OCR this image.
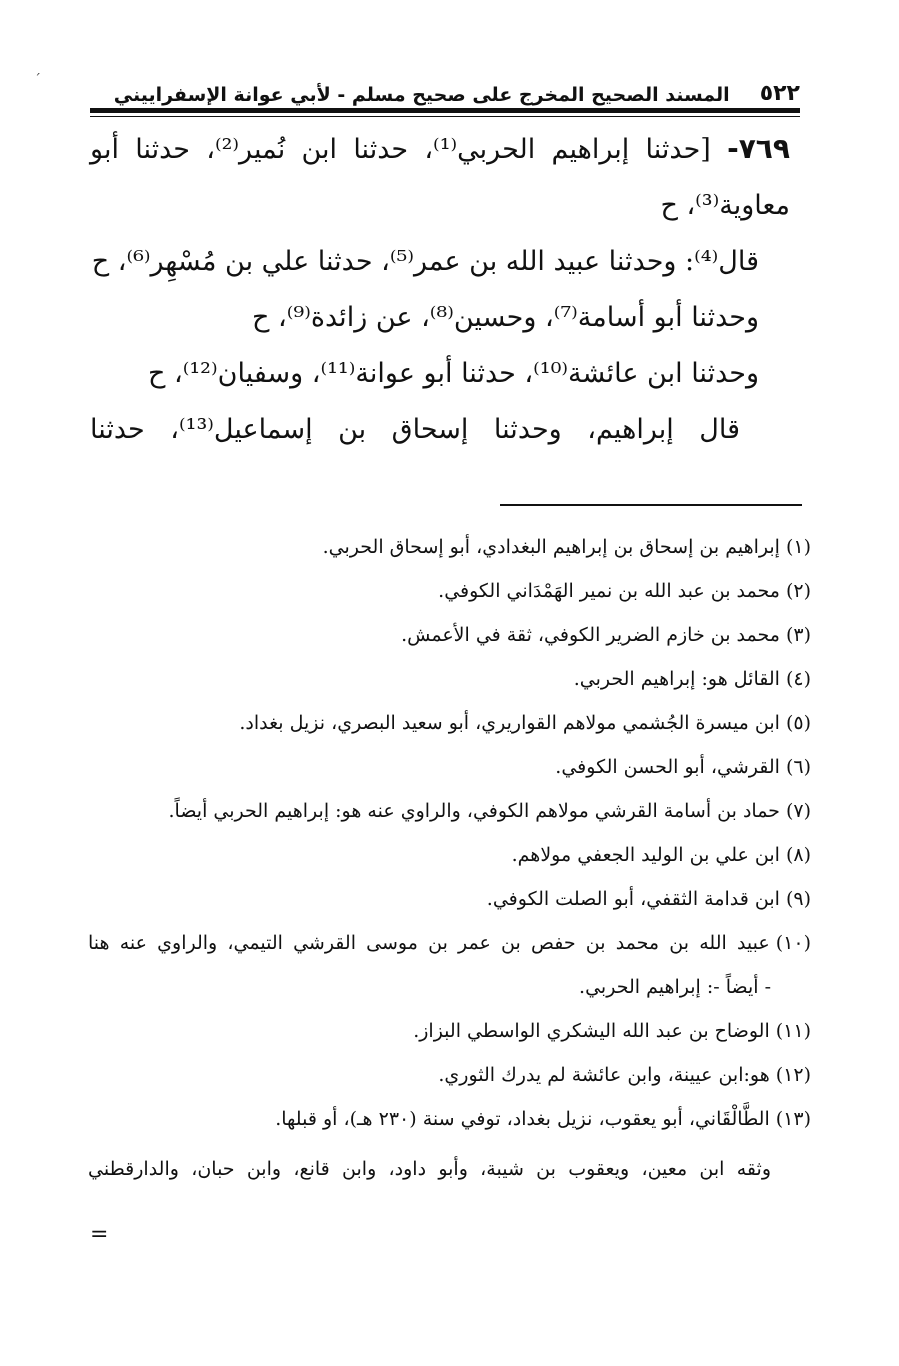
ˊ
٥٢٢
المسند الصحيح المخرج على صحيح مسلم - لأبي عوانة الإسفراييني
٧٦٩- [حدثنا إبراهيم الحربي⁽¹⁾، حدثنا ابن نُمير⁽²⁾، حدثنا أبو
معاوية⁽³⁾، ح
قال⁽⁴⁾: وحدثنا عبيد الله بن عمر⁽⁵⁾، حدثنا علي بن مُسْهِر⁽⁶⁾، ح
وحدثنا أبو أسامة⁽⁷⁾، وحسين⁽⁸⁾، عن زائدة⁽⁹⁾، ح
وحدثنا ابن عائشة⁽¹⁰⁾، حدثنا أبو عوانة⁽¹¹⁾، وسفيان⁽¹²⁾، ح
قال إبراهيم، وحدثنا إسحاق بن إسماعيل⁽¹³⁾، حدثنا
(١)إبراهيم بن إسحاق بن إبراهيم البغدادي، أبو إسحاق الحربي.
(٢)محمد بن عبد الله بن نمير الهَمْدَاني الكوفي.
(٣)محمد بن خازم الضرير الكوفي، ثقة في الأعمش.
(٤)القائل هو: إبراهيم الحربي.
(٥)ابن ميسرة الجُشمي مولاهم القواريري، أبو سعيد البصري، نزيل بغداد.
(٦)القرشي، أبو الحسن الكوفي.
(٧)حماد بن أسامة القرشي مولاهم الكوفي، والراوي عنه هو: إبراهيم الحربي أيضاً.
(٨)ابن علي بن الوليد الجعفي مولاهم.
(٩)ابن قدامة الثقفي، أبو الصلت الكوفي.
(١٠)عبيد الله بن محمد بن حفص بن عمر بن موسى القرشي التيمي، والراوي عنه هنا
- أيضاً -: إبراهيم الحربي.
(١١)الوضاح بن عبد الله اليشكري الواسطي البزاز.
(١٢)هو:ابن عيينة، وابن عائشة لم يدرك الثوري.
(١٣)الطَّالْقَاني، أبو يعقوب، نزيل بغداد، توفي سنة (٢٣٠ هـ)، أو قبلها.
وثقه ابن معين، ويعقوب بن شيبة، وأبو داود، وابن قانع، وابن حبان، والدارقطني
=
